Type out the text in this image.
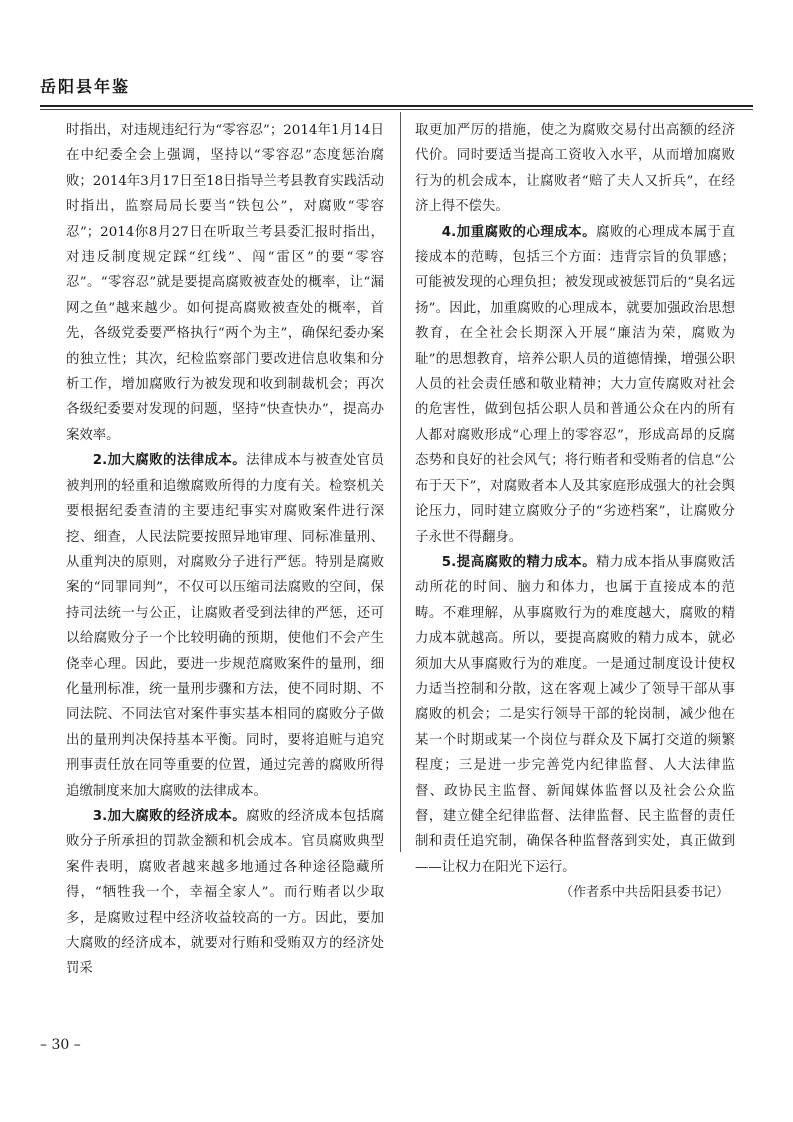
岳阳县年鉴

时指出，对违规违纪行为“零容忍”；2014年1月14日在中纪委全会上强调，坚持以“零容忍”态度惩治腐败；2014年3月17日至18日指导兰考县教育实践活动时指出，监察局局长要当“铁包公”，对腐败“零容忍”；2014你8月27日在听取兰考县委汇报时指出，对违反制度规定踩“红线”、闯“雷区”的要“零容忍”。“零容忍”就是要提高腐败被查处的概率，让“漏网之鱼”越来越少。如何提高腐败被查处的概率，首先，各级党委要严格执行“两个为主”，确保纪委办案的独立性；其次，纪检监察部门要改进信息收集和分析工作，增加腐败行为被发现和收到制裁机会；再次各级纪委要对发现的问题，坚持“快查快办”，提高办案效率。

2.加大腐败的法律成本。法律成本与被查处官员被判刑的轻重和追缴腐败所得的力度有关。检察机关要根据纪委查清的主要违纪事实对腐败案件进行深挖、细查，人民法院要按照异地审理、同标准量刑、从重判决的原则，对腐败分子进行严惩。特别是腐败案的“同罪同判”，不仅可以压缩司法腐败的空间，保持司法统一与公正，让腐败者受到法律的严惩，还可以给腐败分子一个比较明确的预期，使他们不会产生侥幸心理。因此，要进一步规范腐败案件的量刑，细化量刑标准，统一量刑步骤和方法，使不同时期、不同法院、不同法官对案件事实基本相同的腐败分子做出的量刑判决保持基本平衡。同时，要将追赃与追究刑事责任放在同等重要的位置，通过完善的腐败所得追缴制度来加大腐败的法律成本。

3.加大腐败的经济成本。腐败的经济成本包括腐败分子所承担的罚款金额和机会成本。官员腐败典型案件表明，腐败者越来越多地通过各种途径隐藏所得，“牺牲我一个，幸福全家人”。而行贿者以少取多，是腐败过程中经济收益较高的一方。因此，要加大腐败的经济成本，就要对行贿和受贿双方的经济处罚采

取更加严厉的措施，使之为腐败交易付出高额的经济代价。同时要适当提高工资收入水平，从而增加腐败行为的机会成本，让腐败者“赔了夫人又折兵”，在经济上得不偿失。

4.加重腐败的心理成本。腐败的心理成本属于直接成本的范畴，包括三个方面：违背宗旨的负罪感；可能被发现的心理负担；被发现或被惩罚后的“臭名远扬”。因此，加重腐败的心理成本，就要加强政治思想教育，在全社会长期深入开展“廉洁为荣，腐败为耻”的思想教育，培养公职人员的道德情操，增强公职人员的社会责任感和敬业精神；大力宣传腐败对社会的危害性，做到包括公职人员和普通公众在内的所有人都对腐败形成“心理上的零容忍”，形成高昂的反腐态势和良好的社会风气；将行贿者和受贿者的信息“公布于天下”，对腐败者本人及其家庭形成强大的社会舆论压力，同时建立腐败分子的“劣迹档案”，让腐败分子永世不得翻身。

5.提高腐败的精力成本。精力成本指从事腐败活动所花的时间、脑力和体力，也属于直接成本的范畴。不难理解，从事腐败行为的难度越大，腐败的精力成本就越高。所以，要提高腐败的精力成本，就必须加大从事腐败行为的难度。一是通过制度设计使权力适当控制和分散，这在客观上减少了领导干部从事腐败的机会；二是实行领导干部的轮岗制，减少他在某一个时期或某一个岗位与群众及下属打交道的频繁程度；三是进一步完善党内纪律监督、人大法律监督、政协民主监督、新闻媒体监督以及社会公众监督，建立健全纪律监督、法律监督、民主监督的责任制和责任追究制，确保各种监督落到实处，真正做到——让权力在阳光下运行。

（作者系中共岳阳县委书记）

– 30 –
